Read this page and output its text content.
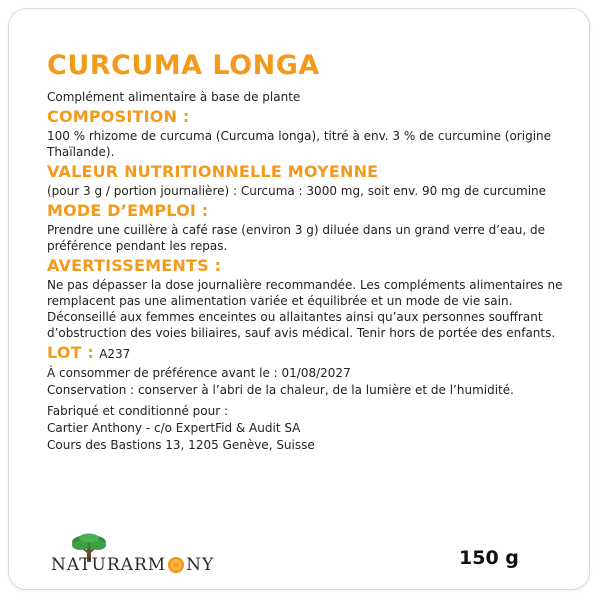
CURCUMA LONGA

Complément alimentaire à base de plante

COMPOSITION :

100 % rhizome de curcuma (Curcuma longa), titré à env. 3 % de curcumine (origine Thaïlande).

VALEUR NUTRITIONNELLE MOYENNE

(pour 3 g / portion journalière) : Curcuma : 3000 mg, soit env. 90 mg de curcumine

MODE D’EMPLOI :

Prendre une cuillère à café rase (environ 3 g) diluée dans un grand verre d’eau, de préférence pendant les repas.

AVERTISSEMENTS :

Ne pas dépasser la dose journalière recommandée. Les compléments alimentaires ne remplacent pas une alimentation variée et équilibrée et un mode de vie sain. Déconseillé aux femmes enceintes ou allaitantes ainsi qu’aux personnes souffrant d’obstruction des voies biliaires, sauf avis médical. Tenir hors de portée des enfants.

LOT : A237

À consommer de préférence avant le : 01/08/2027

Conservation : conserver à l’abri de la chaleur, de la lumière et de l’humidité.

Fabriqué et conditionné pour :

Cartier Anthony - c/o ExpertFid & Audit SA

Cours des Bastions 13, 1205 Genève, Suisse

NATURARM NY	150 g
